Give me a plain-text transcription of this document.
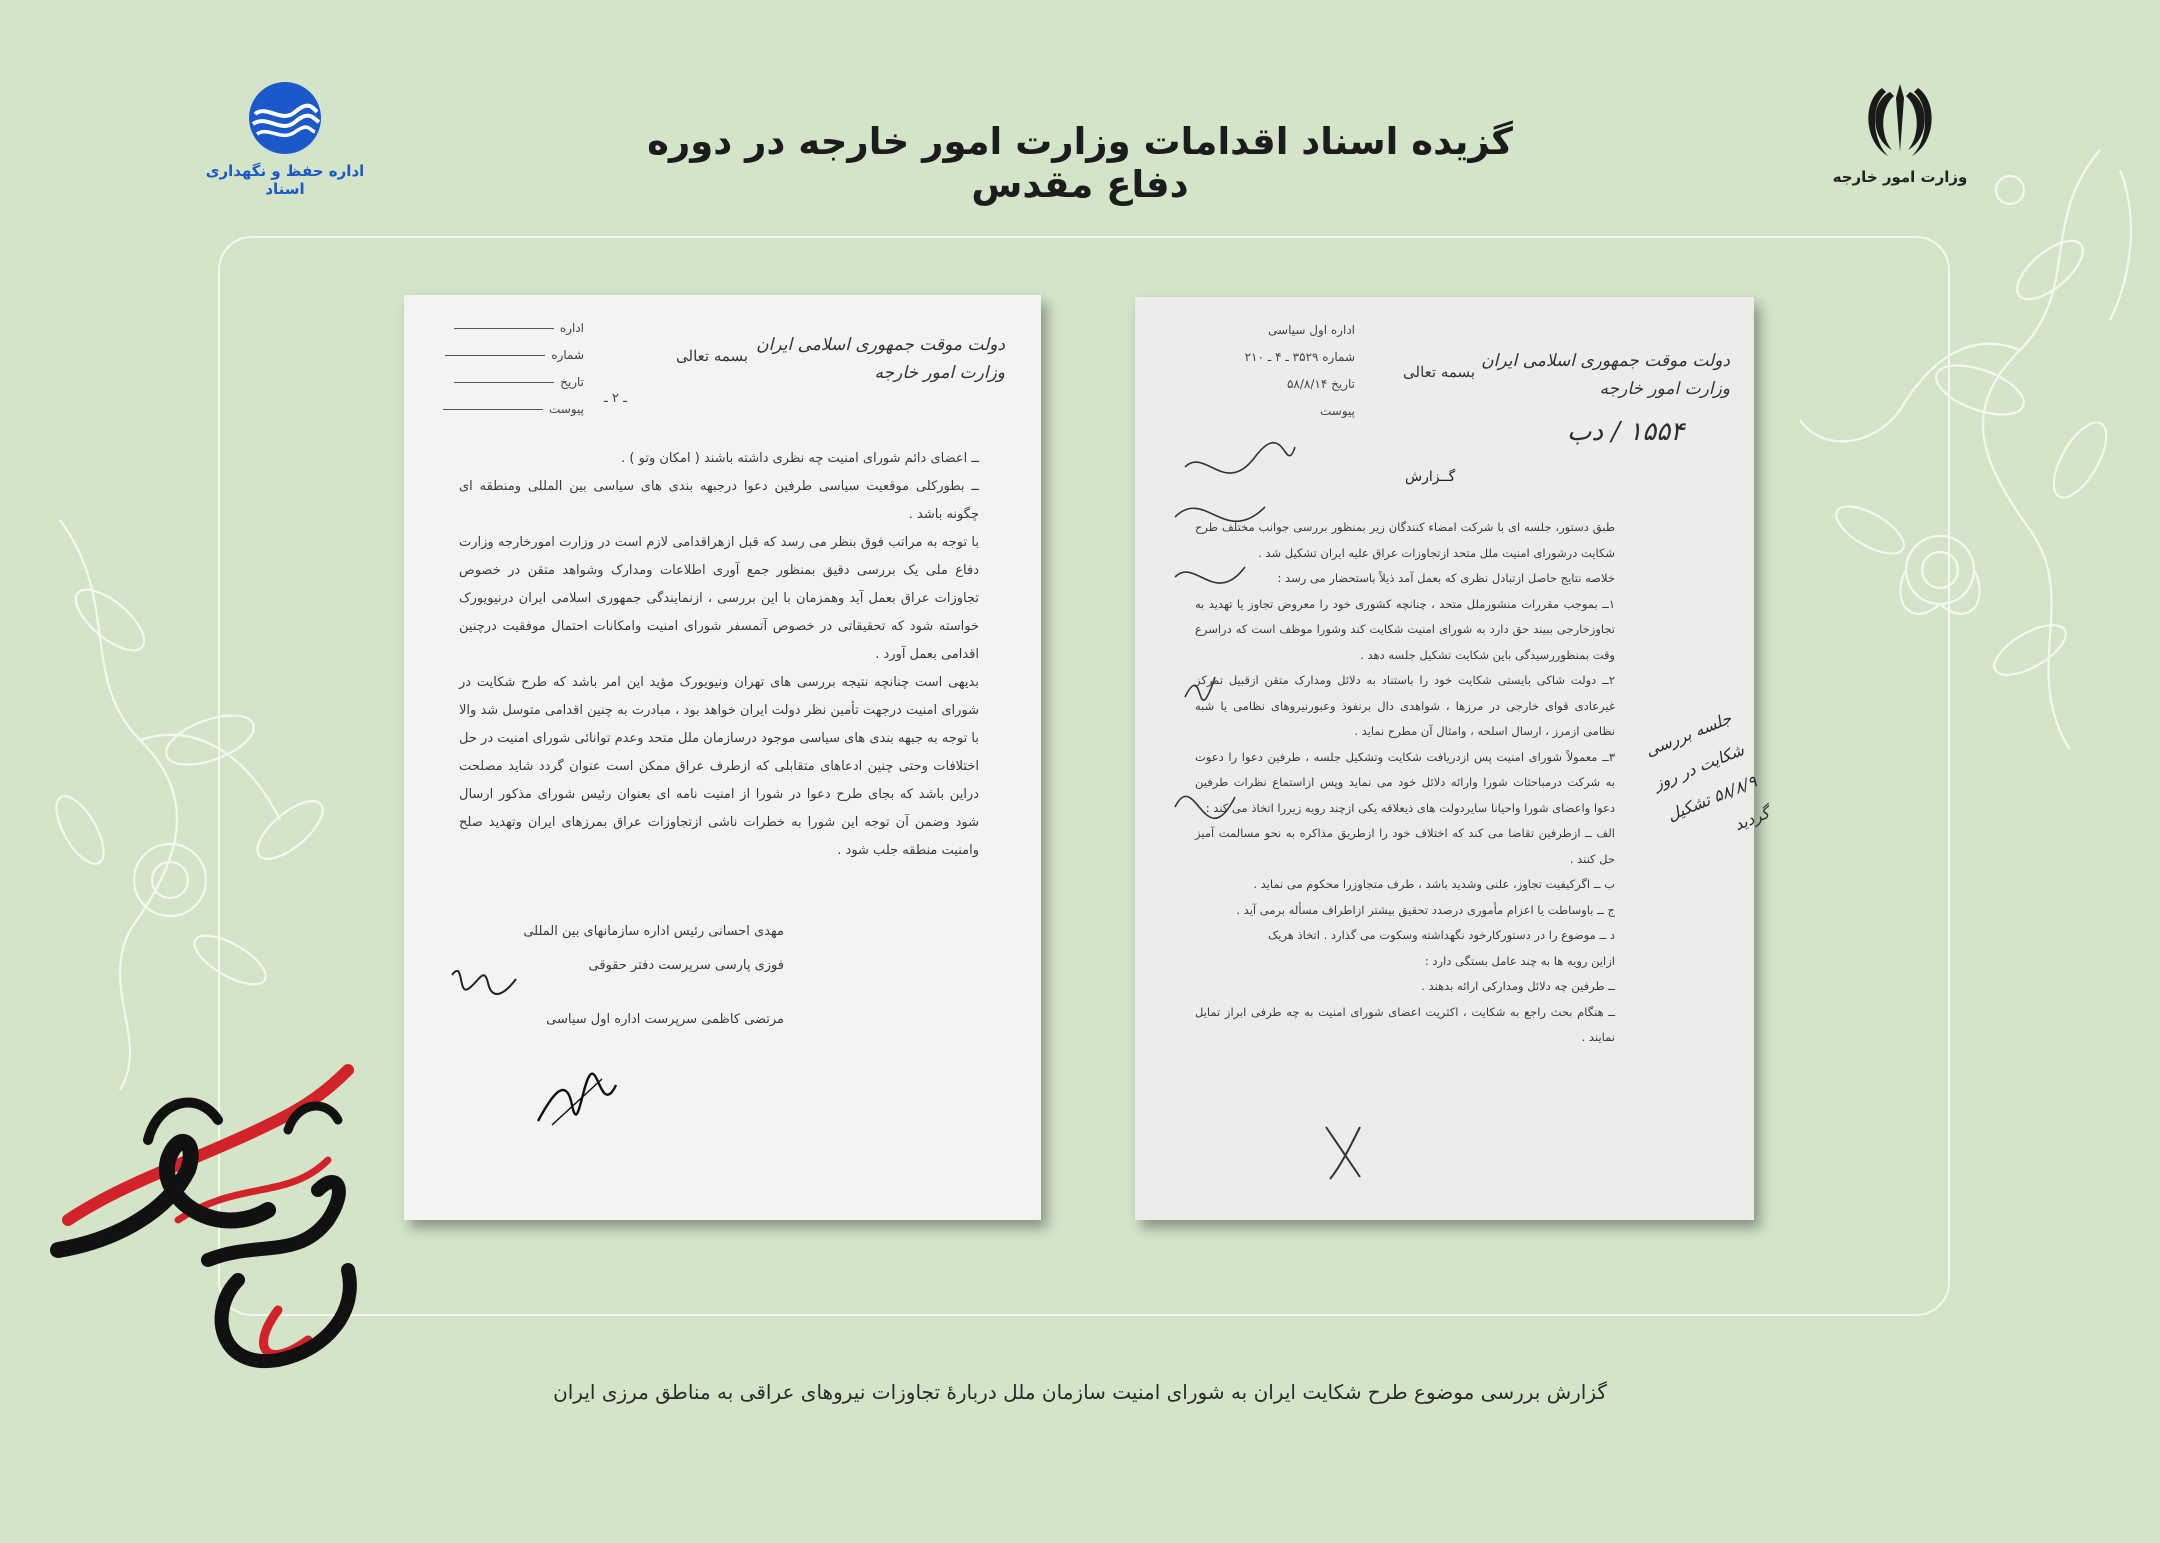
اداره حفظ و نگهداری اسناد
گزیده اسناد اقدامات وزارت امور خارجه در دوره دفاع مقدس	وزارت امور خارجه
دولت موقت جمهوری اسلامی ایران
وزارت امور خارجه
بسمه تعالی
اداره
شماره
تاریخ
پیوست
ـ ۲ ـ

ــ اعضای دائم شورای امنیت چه نظری داشته باشند ( امکان وتو ) .

ــ بطورکلی موقعیت سیاسی طرفین دعوا درجبهه بندی های سیاسی بین المللی ومنطقه ای چگونه باشد .

با توجه به مراتب فوق بنظر می رسد که قبل ازهراقدامی لازم است در وزارت امورخارجه وزارت دفاع ملی یک بررسی دقیق بمنظور جمع آوری اطلاعات ومدارک وشواهد متقن در خصوص تجاوزات عراق بعمل آید وهمزمان با این بررسی ، ازنمایندگی جمهوری اسلامی ایران درنیویورک خواسته شود که تحقیقاتی در خصوص آتمسفر شورای امنیت وامکانات احتمال موفقیت درچنین اقدامی بعمل آورد .

بدیهی است چنانچه نتیجه بررسی های تهران ونیویورک مؤید این امر باشد که طرح شکایت در شورای امنیت درجهت تأمین نظر دولت ایران خواهد بود ، مبادرت به چنین اقدامی متوسل شد والا با توجه به جبهه بندی های سیاسی موجود درسازمان ملل متحد وعدم توانائی شورای امنیت در حل اختلافات وحتی چنین ادعاهای متقابلی که ازطرف عراق ممکن است عنوان گردد شاید مصلحت دراین باشد که بجای طرح دعوا در شورا از امنیت نامه ای بعنوان رئیس شورای مذکور ارسال شود وضمن آن توجه این شورا به خطرات ناشی ازتجاوزات عراق بمرزهای ایران وتهدید صلح وامنیت منطقه جلب شود .

مهدی احسانی رئیس اداره سازمانهای بین المللی

فوزی پارسی سرپرست دفتر حقوقی

مرتضی کاظمی سرپرست اداره اول سیاسی

دولت موقت جمهوری اسلامی ایران
وزارت امور خارجه
بسمه تعالی
اداره اول سیاسی
شماره ۳۵۲۹ ـ ۴ ـ ۲۱۰
تاریخ ۵۸/۸/۱۴
پیوست
۱۵۵۴ / دب
گــزارش

طبق دستور، جلسه ای با شرکت امضاء کنندگان زیر بمنظور بررسی جوانب مختلف طرح شکایت درشورای امنیت ملل متحد ازتجاوزات عراق علیه ایران تشکیل شد .

خلاصه نتایج حاصل ازتبادل نظری که بعمل آمد ذیلاً باستحضار می رسد :

۱ــ بموجب مقررات منشورملل متحد ، چنانچه کشوری خود را معروض تجاوز یا تهدید به تجاوزخارجی ببیند حق دارد به شورای امنیت شکایت کند وشورا موظف است که دراسرع وقت بمنظوررسیدگی باین شکایت تشکیل جلسه دهد .

۲ــ دولت شاکی بایستی شکایت خود را باستناد به دلائل ومدارک متقن ازقبیل تمرکز غیرعادی قوای خارجی در مرزها ، شواهدی دال برنفوذ وعبورنیروهای نظامی یا شبه نظامی ازمرز ، ارسال اسلحه ، وامثال آن مطرح نماید .

۳ــ معمولاً شورای امنیت پس ازدریافت شکایت وتشکیل جلسه ، طرفین دعوا را دعوت به شرکت درمباحثات شورا وارائه دلائل خود می نماید وپس ازاستماع نظرات طرفین دعوا واعضای شورا واحیانا سایردولت های ذیعلاقه یکی ازچند رویه زیررا اتخاذ می کند :

الف ــ ازطرفین تقاضا می کند که اختلاف خود را ازطریق مذاکره به نحو مسالمت آمیز حل کنند .

ب ــ اگرکیفیت تجاوز، علنی وشدید باشد ، طرف متجاوزرا محکوم می نماید .

ج ــ باوساطت یا اعزام مأموری درصدد تحقیق بیشتر ازاطراف مسأله برمی آید .

د ــ موضوع را در دستورکارخود نگهداشته وسکوت می گذارد . اتخاذ هریک

ازاین رویه ها به چند عامل بستگی دارد :

ــ طرفین چه دلائل ومدارکی ارائه بدهند .

ــ هنگام بحث راجع به شکایت ، اکثریت اعضای شورای امنیت به چه طرفی ابراز تمایل نمایند .

جلسه بررسی شکایت در روز ۵۸/۸/۹ تشکیل گردید
گزارش بررسی موضوع طرح شکایت ایران به شورای امنیت سازمان ملل دربارهٔ تجاوزات نیروهای عراقی به مناطق مرزی ایران
